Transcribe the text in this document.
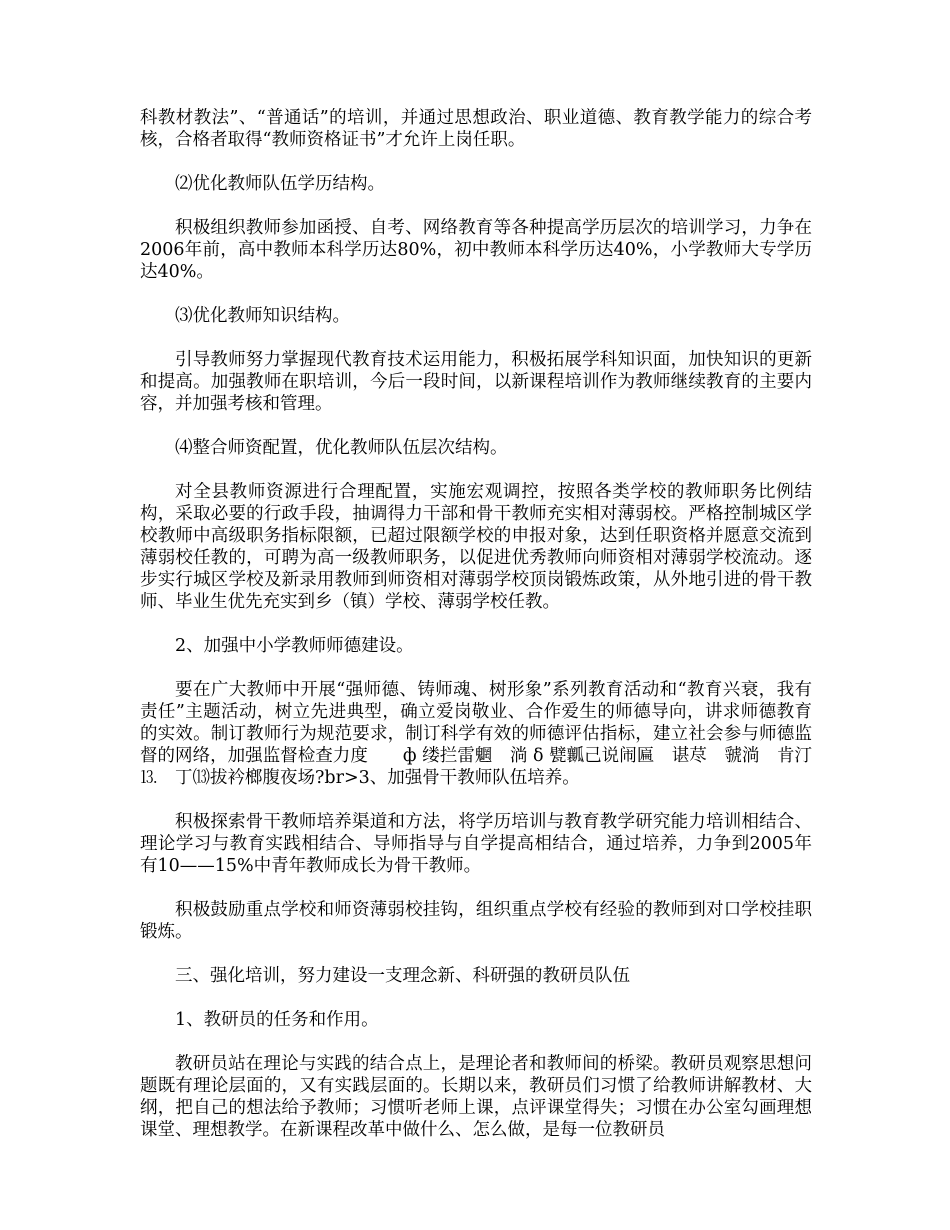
科教材教法”、“普通话”的培训，并通过思想政治、职业道德、教育教学能力的综合考核，合格者取得“教师资格证书”才允许上岗任职。

⑵优化教师队伍学历结构。

积极组织教师参加函授、自考、网络教育等各种提高学历层次的培训学习，力争在2006年前，高中教师本科学历达80%，初中教师本科学历达40%，小学教师大专学历达40%。

⑶优化教师知识结构。

引导教师努力掌握现代教育技术运用能力，积极拓展学科知识面，加快知识的更新和提高。加强教师在职培训，今后一段时间，以新课程培训作为教师继续教育的主要内容，并加强考核和管理。

⑷整合师资配置，优化教师队伍层次结构。

对全县教师资源进行合理配置，实施宏观调控，按照各类学校的教师职务比例结构，采取必要的行政手段，抽调得力干部和骨干教师充实相对薄弱校。严格控制城区学校教师中高级职务指标限额，已超过限额学校的申报对象，达到任职资格并愿意交流到薄弱校任教的，可聘为高一级教师职务，以促进优秀教师向师资相对薄弱学校流动。逐步实行城区学校及新录用教师到师资相对薄弱学校顶岗锻炼政策，从外地引进的骨干教师、毕业生优先充实到乡（镇）学校、薄弱学校任教。

2、加强中小学教师师德建设。

要在广大教师中开展“强师德、铸师魂、树形象”系列教育活动和“教育兴衰，我有责任”主题活动，树立先进典型，确立爱岗敬业、合作爱生的师德导向，讲求师德教育的实效。制订教师行为规范要求，制订科学有效的师德评估指标，建立社会参与师德监督的网络，加强监督检查力度　　ф 缕拦雷魍　淌 δ 甓瓤己说闹匾　谌荩　虢淌　肯汀⒔　丁⒀拔衿榔腹夜场?br>3、加强骨干教师队伍培养。

积极探索骨干教师培养渠道和方法，将学历培训与教育教学研究能力培训相结合、理论学习与教育实践相结合、导师指导与自学提高相结合，通过培养，力争到2005年有10——15%中青年教师成长为骨干教师。

积极鼓励重点学校和师资薄弱校挂钩，组织重点学校有经验的教师到对口学校挂职锻炼。

三、强化培训，努力建设一支理念新、科研强的教研员队伍

1、教研员的任务和作用。

教研员站在理论与实践的结合点上，是理论者和教师间的桥梁。教研员观察思想问题既有理论层面的，又有实践层面的。长期以来，教研员们习惯了给教师讲解教材、大纲，把自己的想法给予教师；习惯听老师上课，点评课堂得失；习惯在办公室勾画理想课堂、理想教学。在新课程改革中做什么、怎么做，是每一位教研员
